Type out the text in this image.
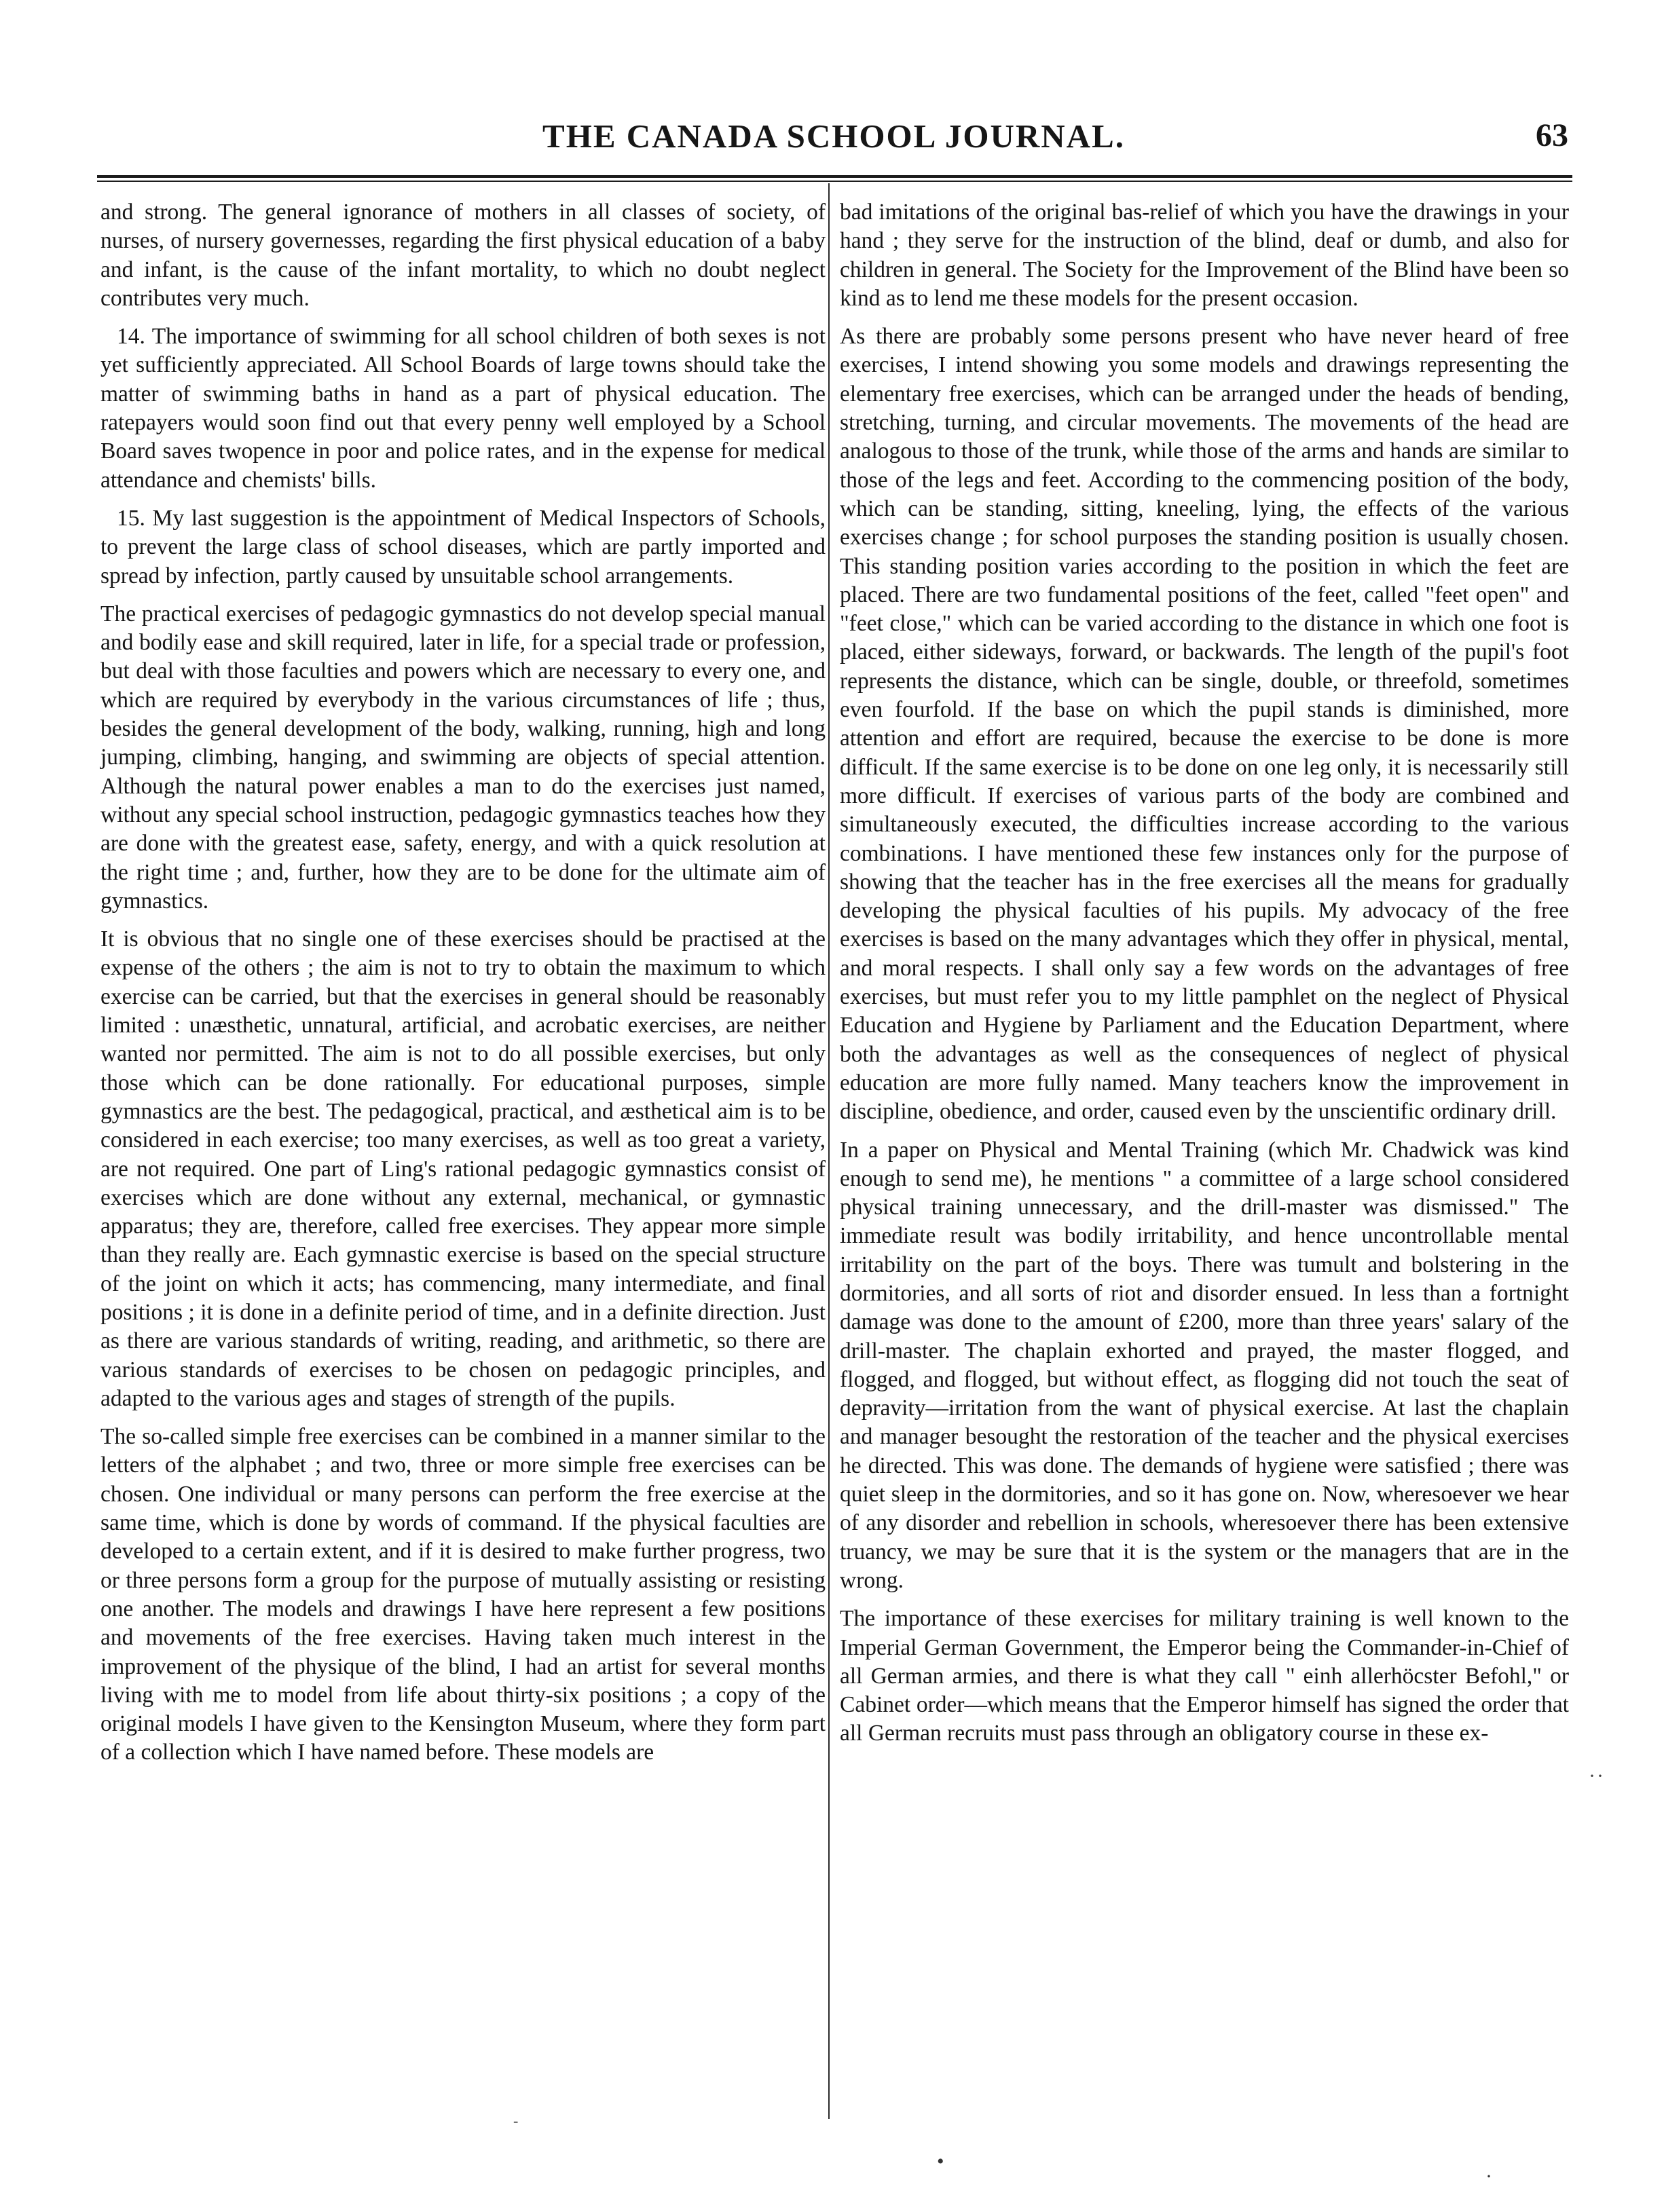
THE CANADA SCHOOL JOURNAL.	63

and strong. The general ignorance of mothers in all classes of society, of nurses, of nursery governesses, regarding the first physical education of a baby and infant, is the cause of the infant mortality, to which no doubt neglect contributes very much.

14. The importance of swimming for all school children of both sexes is not yet sufficiently appreciated. All School Boards of large towns should take the matter of swimming baths in hand as a part of physical education. The ratepayers would soon find out that every penny well employed by a School Board saves twopence in poor and police rates, and in the expense for medical attendance and chemists' bills.

15. My last suggestion is the appointment of Medical Inspectors of Schools, to prevent the large class of school diseases, which are partly imported and spread by infection, partly caused by unsuitable school arrangements.

The practical exercises of pedagogic gymnastics do not develop special manual and bodily ease and skill required, later in life, for a special trade or profession, but deal with those faculties and powers which are necessary to every one, and which are required by everybody in the various circumstances of life ; thus, besides the general development of the body, walking, running, high and long jumping, climbing, hanging, and swimming are objects of special attention. Although the natural power enables a man to do the exercises just named, without any special school instruction, pedagogic gymnastics teaches how they are done with the greatest ease, safety, energy, and with a quick resolution at the right time ; and, further, how they are to be done for the ultimate aim of gymnastics.

It is obvious that no single one of these exercises should be practised at the expense of the others ; the aim is not to try to obtain the maximum to which exercise can be carried, but that the exercises in general should be reasonably limited : unæsthetic, unnatural, artificial, and acrobatic exercises, are neither wanted nor permitted. The aim is not to do all possible exercises, but only those which can be done rationally. For educational purposes, simple gymnastics are the best. The pedagogical, practical, and æsthetical aim is to be considered in each exercise; too many exercises, as well as too great a variety, are not required. One part of Ling's rational pedagogic gymnastics consist of exercises which are done without any external, mechanical, or gymnastic apparatus; they are, therefore, called free exercises. They appear more simple than they really are. Each gymnastic exercise is based on the special structure of the joint on which it acts; has commencing, many intermediate, and final positions ; it is done in a definite period of time, and in a definite direction. Just as there are various standards of writing, reading, and arithmetic, so there are various standards of exercises to be chosen on pedagogic principles, and adapted to the various ages and stages of strength of the pupils.

The so-called simple free exercises can be combined in a manner similar to the letters of the alphabet ; and two, three or more simple free exercises can be chosen. One individual or many persons can perform the free exercise at the same time, which is done by words of command. If the physical faculties are developed to a certain extent, and if it is desired to make further progress, two or three persons form a group for the purpose of mutually assisting or resisting one another. The models and drawings I have here represent a few positions and movements of the free exercises. Having taken much interest in the improvement of the physique of the blind, I had an artist for several months living with me to model from life about thirty-six positions ; a copy of the original models I have given to the Kensington Museum, where they form part of a collection which I have named before. These models are

bad imitations of the original bas-relief of which you have the drawings in your hand ; they serve for the instruction of the blind, deaf or dumb, and also for children in general. The Society for the Improvement of the Blind have been so kind as to lend me these models for the present occasion.

As there are probably some persons present who have never heard of free exercises, I intend showing you some models and drawings representing the elementary free exercises, which can be arranged under the heads of bending, stretching, turning, and circular movements. The movements of the head are analogous to those of the trunk, while those of the arms and hands are similar to those of the legs and feet. According to the commencing position of the body, which can be standing, sitting, kneeling, lying, the effects of the various exercises change ; for school purposes the standing position is usually chosen. This standing position varies according to the position in which the feet are placed. There are two fundamental positions of the feet, called "feet open" and "feet close," which can be varied according to the distance in which one foot is placed, either sideways, forward, or backwards. The length of the pupil's foot represents the distance, which can be single, double, or threefold, sometimes even fourfold. If the base on which the pupil stands is diminished, more attention and effort are required, because the exercise to be done is more difficult. If the same exercise is to be done on one leg only, it is necessarily still more difficult. If exercises of various parts of the body are combined and simultaneously executed, the difficulties increase according to the various combinations. I have mentioned these few instances only for the purpose of showing that the teacher has in the free exercises all the means for gradually developing the physical faculties of his pupils. My advocacy of the free exercises is based on the many advantages which they offer in physical, mental, and moral respects. I shall only say a few words on the advantages of free exercises, but must refer you to my little pamphlet on the neglect of Physical Education and Hygiene by Parliament and the Education Department, where both the advantages as well as the consequences of neglect of physical education are more fully named. Many teachers know the improvement in discipline, obedience, and order, caused even by the unscientific ordinary drill.

In a paper on Physical and Mental Training (which Mr. Chadwick was kind enough to send me), he mentions " a committee of a large school considered physical training unnecessary, and the drill-master was dismissed." The immediate result was bodily irritability, and hence uncontrollable mental irritability on the part of the boys. There was tumult and bolstering in the dormitories, and all sorts of riot and disorder ensued. In less than a fortnight damage was done to the amount of £200, more than three years' salary of the drill-master. The chaplain exhorted and prayed, the master flogged, and flogged, and flogged, but without effect, as flogging did not touch the seat of depravity—irritation from the want of physical exercise. At last the chaplain and manager besought the restoration of the teacher and the physical exercises he directed. This was done. The demands of hygiene were satisfied ; there was quiet sleep in the dormitories, and so it has gone on. Now, wheresoever we hear of any disorder and rebellion in schools, wheresoever there has been extensive truancy, we may be sure that it is the system or the managers that are in the wrong.

The importance of these exercises for military training is well known to the Imperial German Government, the Emperor being the Commander-in-Chief of all German armies, and there is what they call " einh allerhöcster Befohl," or Cabinet order—which means that the Emperor himself has signed the order that all German recruits must pass through an obligatory course in these ex-

··
•
·
-
